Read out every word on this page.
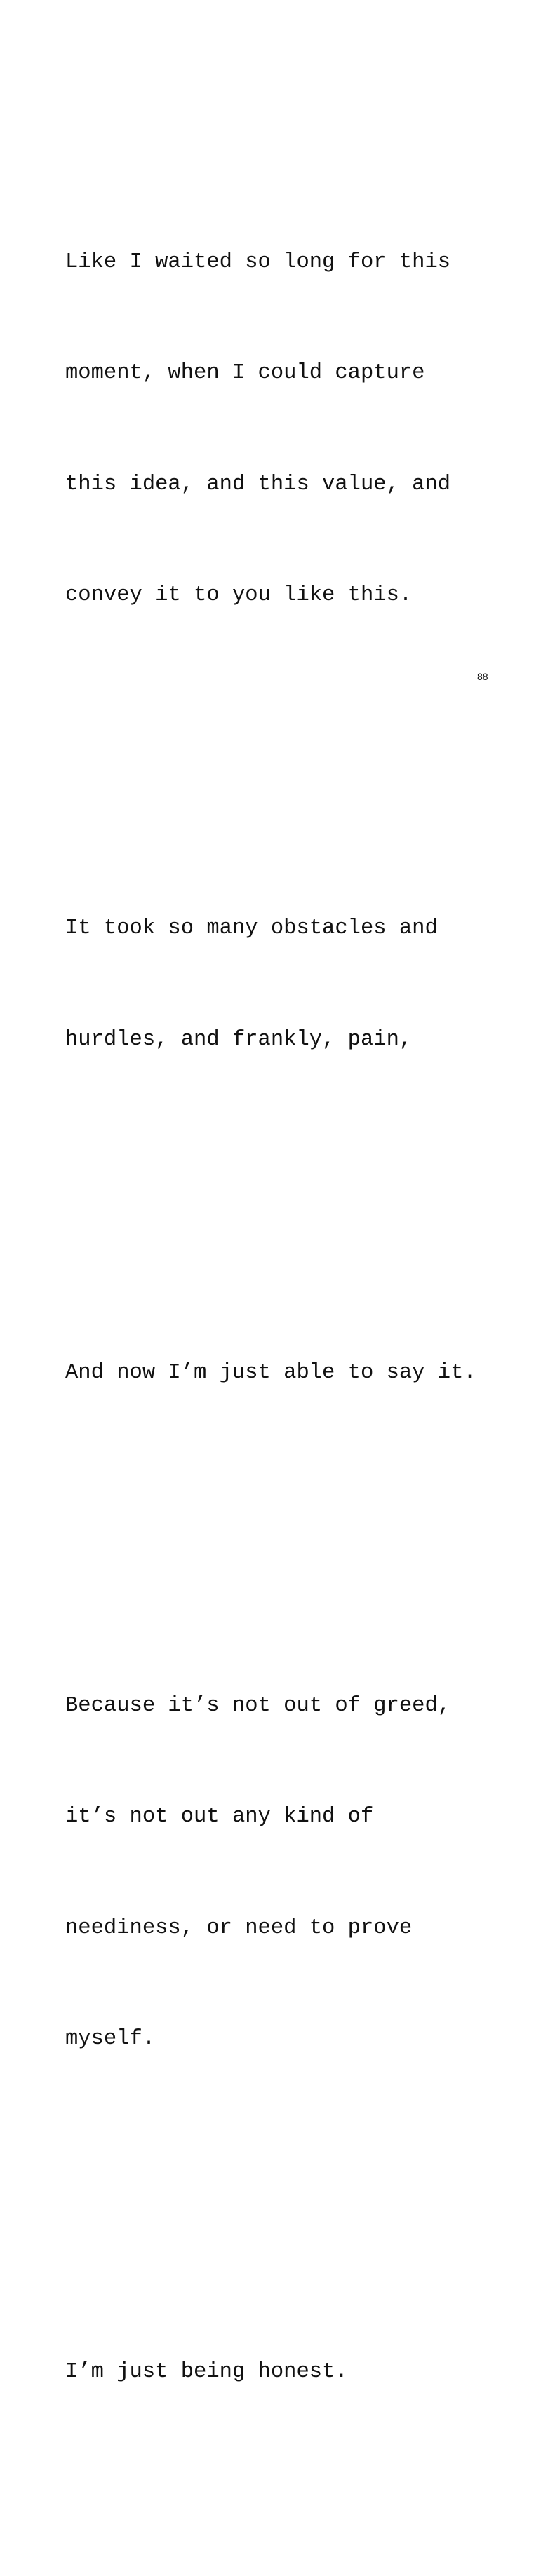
Like I waited so long for this

moment, when I could capture

this idea, and this value, and

convey it to you like this.

It took so many obstacles and

hurdles, and frankly, pain,

And now I’m just able to say it.

Because it’s not out of greed,

it’s not out any kind of

neediness, or need to prove

myself.

I’m just being honest.

88
